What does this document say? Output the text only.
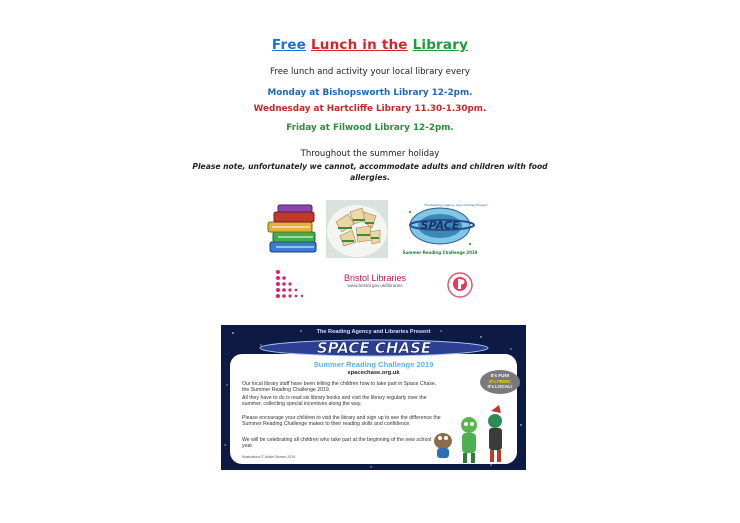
Free Lunch in the Library
Free lunch and activity your local library every
Monday at Bishopsworth Library 12-2pm.
Wednesday at Hartcliffe Library 11.30-1.30pm.
Friday at Filwood Library 12-2pm.
Throughout the summer holiday
Please note, unfortunately we cannot, accommodate adults and children with food
allergies.
SPACE
The Reading Agency and Libraries Present
Summer Reading Challenge 2019
Bristol Libraries
www.bristol.gov.uk/libraries
The Reading Agency and Libraries Present
SPACE CHASE
Summer Reading Challenge 2019
spacechase.org.uk
Our local library staff have been telling the children how to take part in Space Chase, the Summer Reading Challenge 2019.
All they have to do is read six library books and visit the library regularly over the summer, collecting special incentives along the way.
Please encourage your children to visit the library and sign up to see the difference the Summer Reading Challenge makes to their reading skills and confidence.
We will be celebrating all children who take part at the beginning of the new school year.
Illustrations © Adam Stower 2019
It's FUN!
It's FREE!
It's LOCAL!
